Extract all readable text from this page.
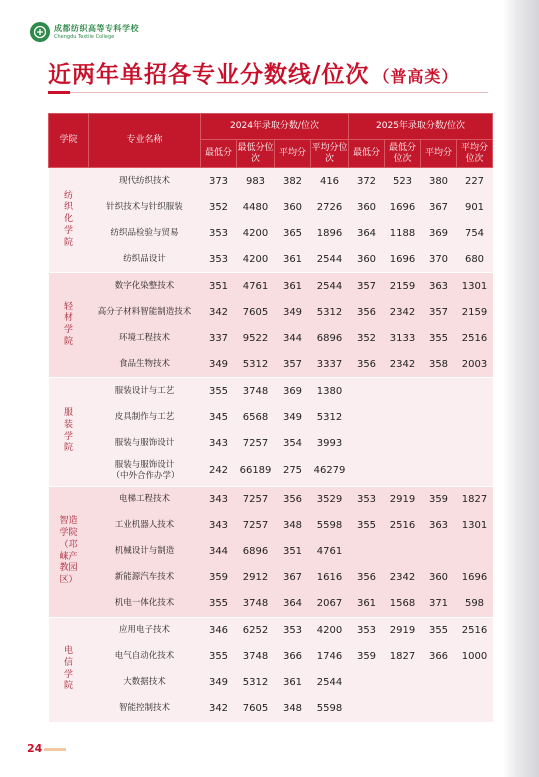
成都纺织高等专科学校
Chengdu Textile College
近两年单招各专业分数线/位次 （普高类）
学院	专业名称	2024年录取分数/位次				2025年录取分数/位次			
		最低分	最低分位次	平均分	平均分位次	最低分	最低分位次	平均分	平均分位次
纺织化学院	现代纺织技术	373	983	382	416	372	523	380	227
	针织技术与针织服装	352	4480	360	2726	360	1696	367	901
	纺织品检验与贸易	353	4200	365	1896	364	1188	369	754
	纺织品设计	353	4200	361	2544	360	1696	370	680
轻材学院	数字化染整技术	351	4761	361	2544	357	2159	363	1301
	高分子材料智能制造技术	342	7605	349	5312	356	2342	357	2159
	环境工程技术	337	9522	344	6896	352	3133	355	2516
	食品生物技术	349	5312	357	3337	356	2342	358	2003
服装学院	服装设计与工艺	355	3748	369	1380				
	皮具制作与工艺	345	6568	349	5312				
	服装与服饰设计	343	7257	354	3993				
	服装与服饰设计（中外合作办学）	242	66189	275	46279				
智造学院（邛崃产教园区）	电梯工程技术	343	7257	356	3529	353	2919	359	1827
	工业机器人技术	343	7257	348	5598	355	2516	363	1301
	机械设计与制造	344	6896	351	4761				
	新能源汽车技术	359	2912	367	1616	356	2342	360	1696
	机电一体化技术	355	3748	364	2067	361	1568	371	598
电信学院	应用电子技术	346	6252	353	4200	353	2919	355	2516
	电气自动化技术	355	3748	366	1746	359	1827	366	1000
	大数据技术	349	5312	361	2544				
	智能控制技术	342	7605	348	5598				
24
